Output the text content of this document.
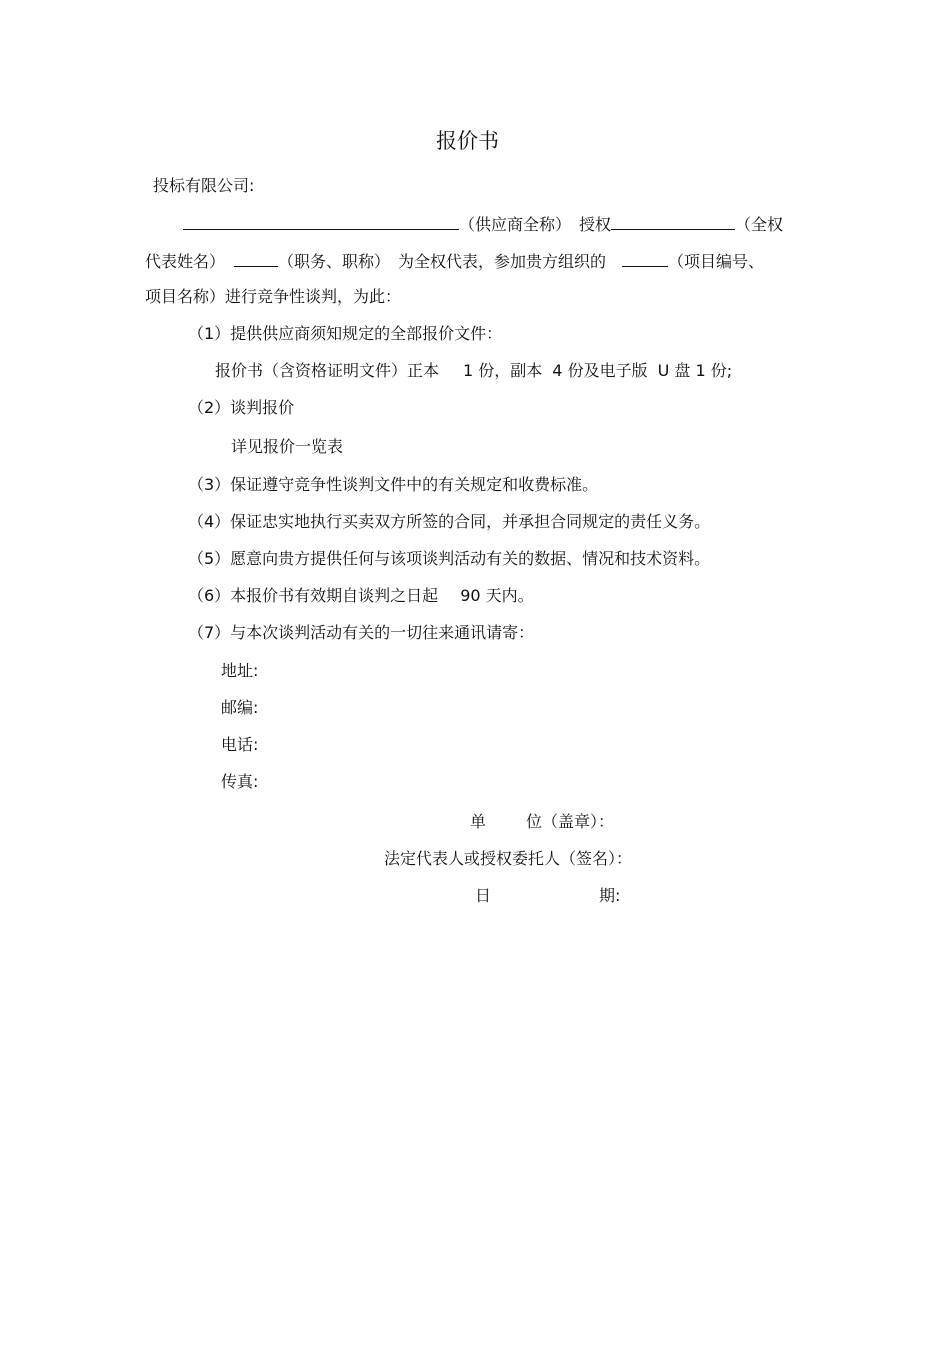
报价书
投标有限公司:
（供应商全称） 授权	（全权
代表姓名）	（职务、职称） 为全权代表，参加贵方组织的	（项目编号、
项目名称）进行竞争性谈判，为此：
（1）提供供应商须知规定的全部报价文件：
报价书（含资格证明文件）正本 1 份，副本 4 份及电子版 U 盘 1 份;
（2）谈判报价
详见报价一览表
（3）保证遵守竞争性谈判文件中的有关规定和收费标准。
（4）保证忠实地执行买卖双方所签的合同，并承担合同规定的责任义务。
（5）愿意向贵方提供任何与该项谈判活动有关的数据、情况和技术资料。
（6）本报价书有效期自谈判之日起 90 天内。
（7）与本次谈判活动有关的一切往来通讯请寄：
地址:
邮编:
电话:
传真:
单	位（盖章）：
法定代表人或授权委托人（签名）：
日	期:
